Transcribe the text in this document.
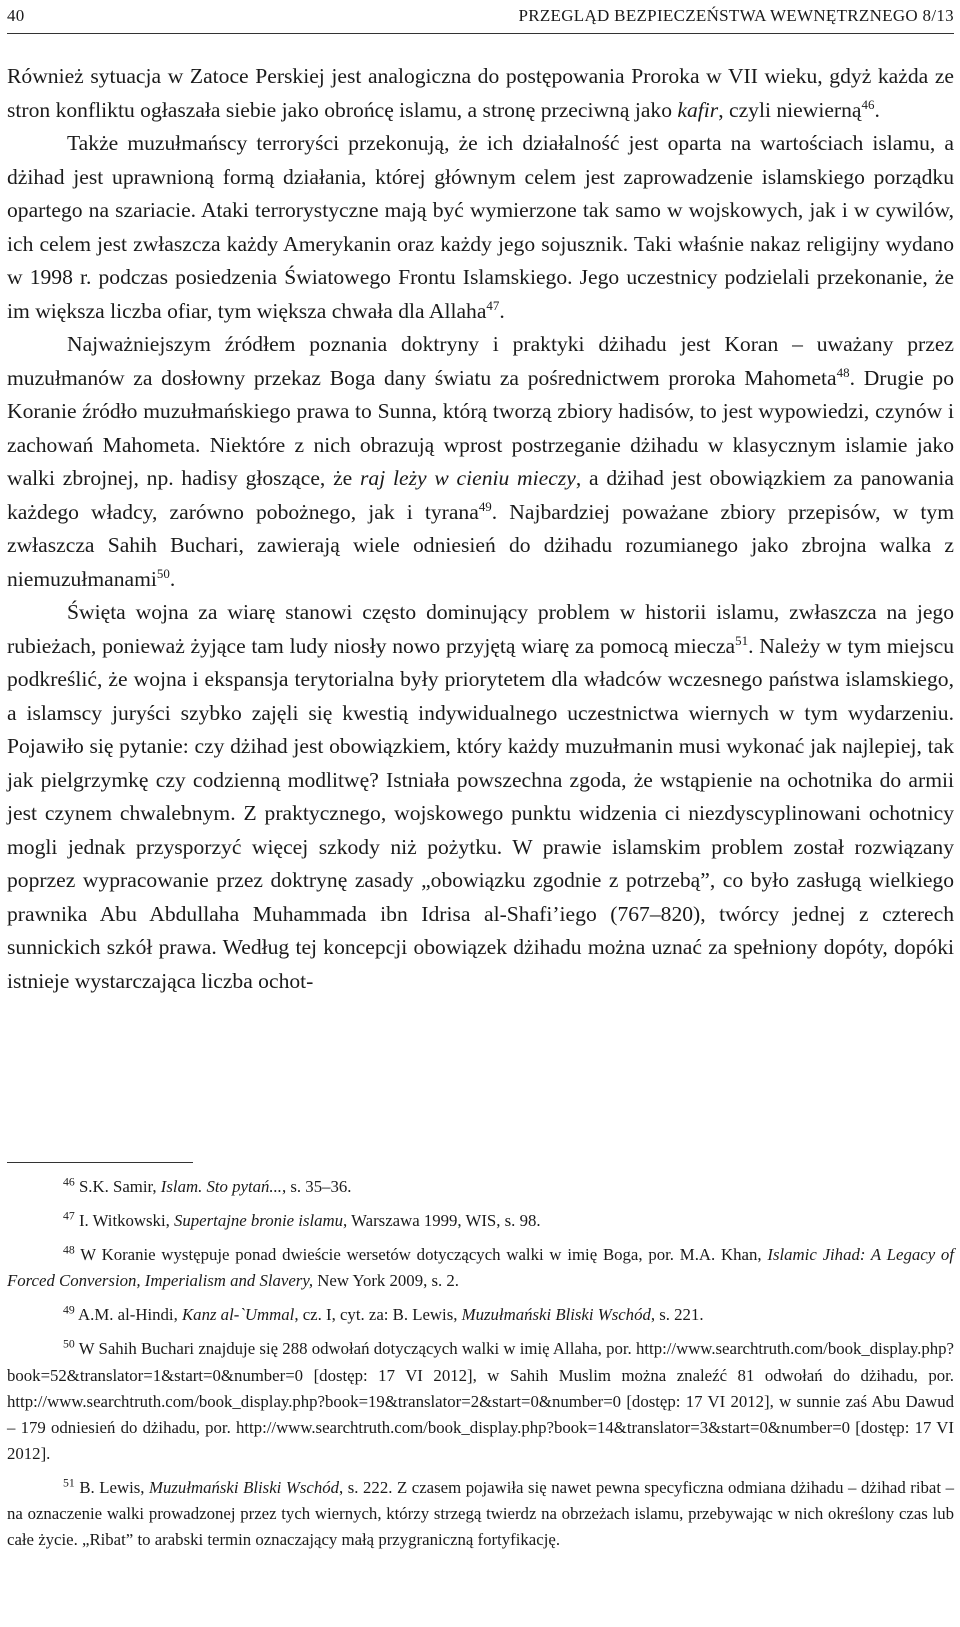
40	PRZEGLĄD BEZPIECZEŃSTWA WEWNĘTRZNEGO 8/13

Również sytuacja w Zatoce Perskiej jest analogiczna do postępowania Proroka w VII wieku, gdyż każda ze stron konfliktu ogłaszała siebie jako obrońcę islamu, a stronę przeciwną jako kafir, czyli niewierną$^{46}$.

Także muzułmańscy terroryści przekonują, że ich działalność jest oparta na wartościach islamu, a dżihad jest uprawnioną formą działania, której głównym celem jest zaprowadzenie islamskiego porządku opartego na szariacie. Ataki terrorystyczne mają być wymierzone tak samo w wojskowych, jak i w cywilów, ich celem jest zwłaszcza każdy Amerykanin oraz każdy jego sojusznik. Taki właśnie nakaz religijny wydano w 1998 r. podczas posiedzenia Światowego Frontu Islamskiego. Jego uczestnicy podzielali przekonanie, że im większa liczba ofiar, tym większa chwała dla Allaha$^{47}$.

Najważniejszym źródłem poznania doktryny i praktyki dżihadu jest Koran – uważany przez muzułmanów za dosłowny przekaz Boga dany światu za pośrednictwem proroka Mahometa$^{48}$. Drugie po Koranie źródło muzułmańskiego prawa to Sunna, którą tworzą zbiory hadisów, to jest wypowiedzi, czynów i zachowań Mahometa. Niektóre z nich obrazują wprost postrzeganie dżihadu w klasycznym islamie jako walki zbrojnej, np. hadisy głoszące, że raj leży w cieniu mieczy, a dżihad jest obowiązkiem za panowania każdego władcy, zarówno pobożnego, jak i tyrana$^{49}$. Najbardziej poważane zbiory przepisów, w tym zwłaszcza Sahih Buchari, zawierają wiele odniesień do dżihadu rozumianego jako zbrojna walka z niemuzułmanami$^{50}$.

Święta wojna za wiarę stanowi często dominujący problem w historii islamu, zwłaszcza na jego rubieżach, ponieważ żyjące tam ludy niosły nowo przyjętą wiarę za pomocą miecza$^{51}$. Należy w tym miejscu podkreślić, że wojna i ekspansja terytorialna były priorytetem dla władców wczesnego państwa islamskiego, a islamscy juryści szybko zajęli się kwestią indywidualnego uczestnictwa wiernych w tym wydarzeniu. Pojawiło się pytanie: czy dżihad jest obowiązkiem, który każdy muzułmanin musi wykonać jak najlepiej, tak jak pielgrzymkę czy codzienną modlitwę? Istniała powszechna zgoda, że wstąpienie na ochotnika do armii jest czynem chwalebnym. Z praktycznego, wojskowego punktu widzenia ci niezdyscyplinowani ochotnicy mogli jednak przysporzyć więcej szkody niż pożytku. W prawie islamskim problem został rozwiązany poprzez wypracowanie przez doktrynę zasady „obowiązku zgodnie z potrzebą”, co było zasługą wielkiego prawnika Abu Abdullaha Muhammada ibn Idrisa al-Shafi’iego (767–820), twórcy jednej z czterech sunnickich szkół prawa. Według tej koncepcji obowiązek dżihadu można uznać za spełniony dopóty, dopóki istnieje wystarczająca liczba ochot-

$^{46}$ S.K. Samir, Islam. Sto pytań..., s. 35–36.

$^{47}$ I. Witkowski, Supertajne bronie islamu, Warszawa 1999, WIS, s. 98.

$^{48}$ W Koranie występuje ponad dwieście wersetów dotyczących walki w imię Boga, por. M.A. Khan, Islamic Jihad: A Legacy of Forced Conversion, Imperialism and Slavery, New York 2009, s. 2.

$^{49}$ A.M. al-Hindi, Kanz al-`Ummal, cz. I, cyt. za: B. Lewis, Muzułmański Bliski Wschód, s. 221.

$^{50}$ W Sahih Buchari znajduje się 288 odwołań dotyczących walki w imię Allaha, por. http://www.searchtruth.com/book_display.php?book=52&translator=1&start=0&number=0 [dostęp: 17 VI 2012], w Sahih Muslim można znaleźć 81 odwołań do dżihadu, por. http://www.searchtruth.com/book_display.php?book=19&translator=2&start=0&number=0 [dostęp: 17 VI 2012], w sunnie zaś Abu Dawud – 179 odniesień do dżihadu, por. http://www.searchtruth.com/book_display.php?book=14&translator=3&start=0&number=0 [dostęp: 17 VI 2012].

$^{51}$ B. Lewis, Muzułmański Bliski Wschód, s. 222. Z czasem pojawiła się nawet pewna specyficzna odmiana dżihadu – dżihad ribat – na oznaczenie walki prowadzonej przez tych wiernych, którzy strzegą twierdz na obrzeżach islamu, przebywając w nich określony czas lub całe życie. „Ribat” to arabski termin oznaczający małą przygraniczną fortyfikację.
